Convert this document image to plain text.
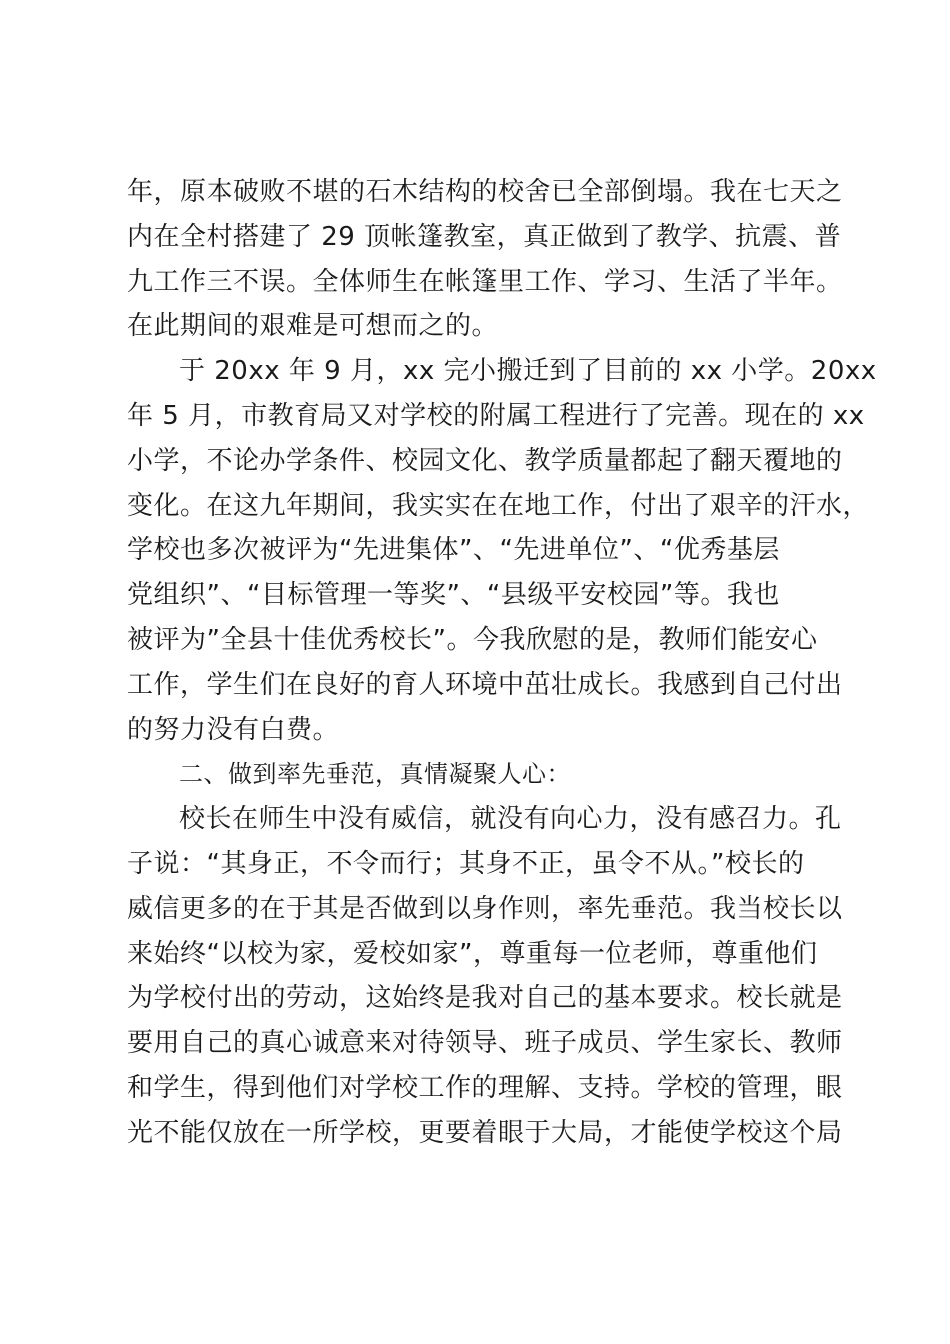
年，原本破败不堪的石木结构的校舍已全部倒塌。我在七天之
内在全村搭建了 29 顶帐篷教室，真正做到了教学、抗震、普
九工作三不误。全体师生在帐篷里工作、学习、生活了半年。
在此期间的艰难是可想而之的。
于 20xx 年 9 月，xx 完小搬迁到了目前的 xx 小学。20xx
年 5 月，市教育局又对学校的附属工程进行了完善。现在的 xx
小学，不论办学条件、校园文化、教学质量都起了翻天覆地的
变化。在这九年期间，我实实在在地工作，付出了艰辛的汗水，
学校也多次被评为“先进集体”、“先进单位”、“优秀基层
党组织”、“目标管理一等奖”、“县级平安校园”等。我也
被评为”全县十佳优秀校长”。今我欣慰的是，教师们能安心
工作，学生们在良好的育人环境中茁壮成长。我感到自己付出
的努力没有白费。
二、做到率先垂范，真情凝聚人心：
校长在师生中没有威信，就没有向心力，没有感召力。孔
子说：“其身正，不令而行；其身不正，虽令不从。”校长的
威信更多的在于其是否做到以身作则，率先垂范。我当校长以
来始终“以校为家，爱校如家”，尊重每一位老师，尊重他们
为学校付出的劳动，这始终是我对自己的基本要求。校长就是
要用自己的真心诚意来对待领导、班子成员、学生家长、教师
和学生，得到他们对学校工作的理解、支持。学校的管理，眼
光不能仅放在一所学校，更要着眼于大局，才能使学校这个局
